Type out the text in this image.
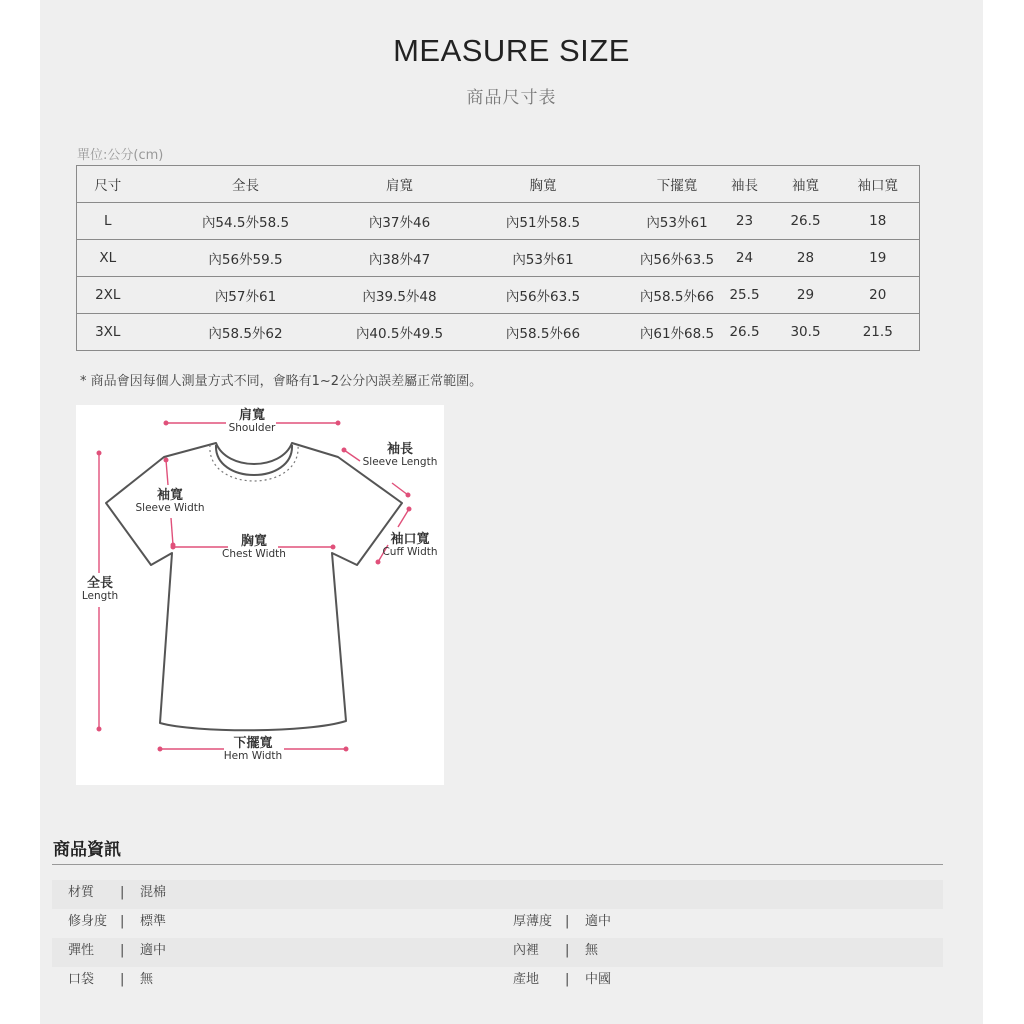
MEASURE SIZE
商品尺寸表
單位:公分(cm)
尺寸	全長	肩寬	胸寬	下擺寬	袖長	袖寬	袖口寬
L	內54.5外58.5	內37外46	內51外58.5	內53外61	23	26.5	18
XL	內56外59.5	內38外47	內53外61	內56外63.5	24	28	19
2XL	內57外61	內39.5外48	內56外63.5	內58.5外66	25.5	29	20
3XL	內58.5外62	內40.5外49.5	內58.5外66	內61外68.5	26.5	30.5	21.5
* 商品會因每個人測量方式不同，會略有1~2公分內誤差屬正常範圍。
肩寬
Shoulder
袖長
Sleeve Length
袖寬
Sleeve Width
胸寬
Chest Width
袖口寬
Cuff Width
全長
Length
下擺寬
Hem Width
商品資訊
材質 | 混棉
修身度 | 標準	厚薄度 | 適中
彈性 | 適中	內裡 | 無
口袋 | 無	產地 | 中國
